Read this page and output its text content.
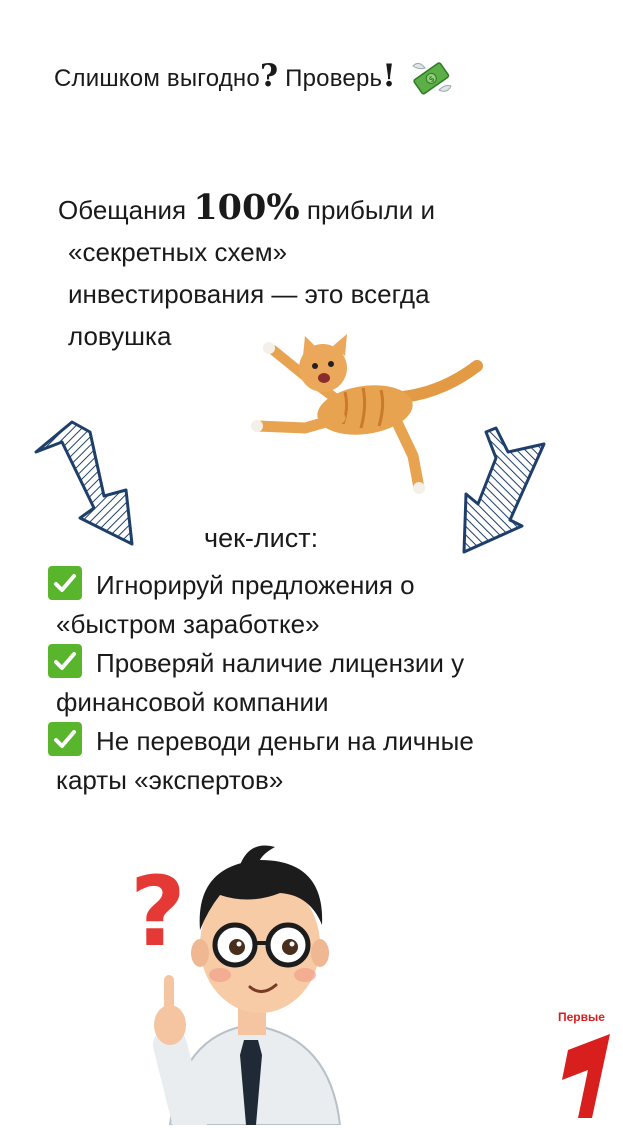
Слишком выгодно? Проверь!	$
Обещания 100% прибыли и
«секретных схем»
инвестирования — это всегда
ловушка
чек-лист:
Игнорируй предложения о
«быстром заработке»
Проверяй наличие лицензии у
финансовой компании
Не переводи деньги на личные
карты «экспертов»
?
Первые
